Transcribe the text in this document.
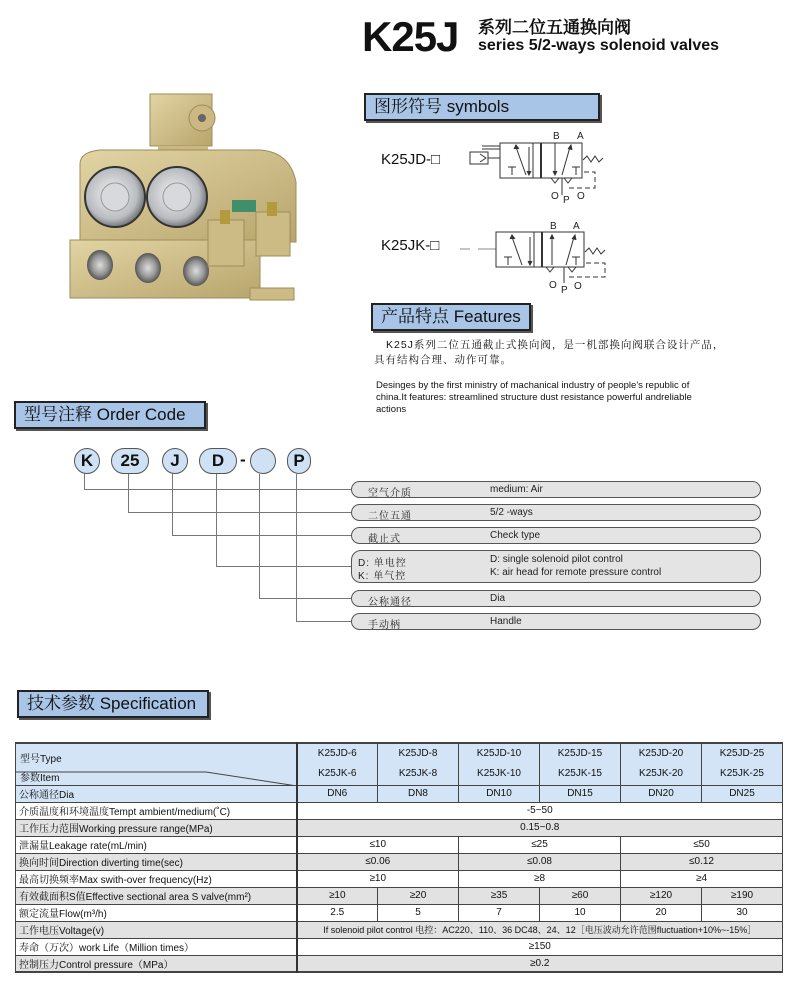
K25J 系列二位五通换向阀
series 5/2-ways solenoid valves
图形符号 symbols
K25JD-□
K25JK-□
B A
O P O
B A
O P O
产品特点 Features
K25J系列二位五通截止式换向阀，是一机部换向阀联合设计产品，具有结构合理、动作可靠。
Desinges by the first ministry of machanical industry of people's republic of china.It features: streamlined structure dust resistance powerful andreliable actions
型号注释 Order Code
K	25	J	D -	P
空气介质	medium: Air
二位五通	5/2 -ways
截止式	Check type
D: 单电控
K: 单气控
D: single solenoid pilot control
K: air head for remote pressure control
公称通径	Dia
手动柄	Handle
技术参数 Specification
型号Type
参数Item

K25JD-6
K25JK-6

K25JD-8
K25JK-8

K25JD-10
K25JK-10

K25JD-15
K25JK-15

K25JD-20
K25JK-20

K25JD-25
K25JK-25

公称通径Dia	DN6	DN8	DN10	DN15	DN20	DN25
介质温度和环境温度Tempt ambient/medium(˚C)	-5~50					
工作压力范围Working pressure range(MPa)	0.15~0.8					
泄漏量Leakage rate(mL/min)	≤10		≤25		≤50	
换向时间Direction diverting time(sec)	≤0.06		≤0.08		≤0.12	
最高切换频率Max swith-over frequency(Hz)	≥10		≥8		≥4	
有效截面积S值Effective sectional area S valve(mm²)	≥10	≥20	≥35	≥60	≥120	≥190
额定流量Flow(m³/h)	2.5	5	7	10	20	30
工作电压Voltage(v)	If solenoid pilot control 电控：AC220、110、36 DC48、24、12［电压波动允许范围fluctuation+10%~-15%］					
寿命（万次）work Life（Million times）	≥150					
控制压力Control pressure（MPa）	≥0.2					
